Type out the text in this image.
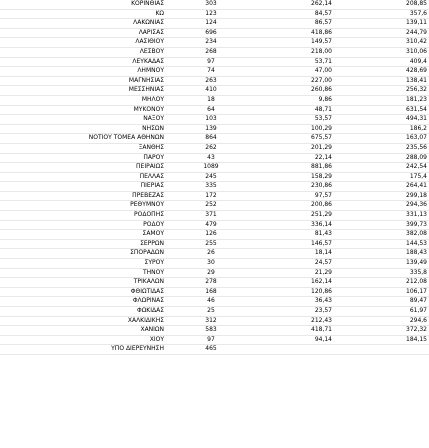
ΚΟΡΙΝΘΙΑΣ	303	262,14	208,85
ΚΩ	123	84,57	357,6
ΛΑΚΩΝΙΑΣ	124	86,57	139,11
ΛΑΡΙΣΑΣ	696	418,86	244,79
ΛΑΣΙΘΙΟΥ	234	149,57	310,42
ΛΕΣΒΟΥ	268	218,00	310,06
ΛΕΥΚΑΔΑΣ	97	53,71	409,4
ΛΗΜΝΟΥ	74	47,00	428,69
ΜΑΓΝΗΣΙΑΣ	263	227,00	138,41
ΜΕΣΣΗΝΙΑΣ	410	260,86	256,32
ΜΗΛΟΥ	18	9,86	181,23
ΜΥΚΟΝΟΥ	64	48,71	631,54
ΝΑΞΟΥ	103	53,57	494,31
ΝΗΣΩΝ	139	100,29	186,2
ΝΟΤΙΟΥ ΤΟΜΕΑ ΑΘΗΝΩΝ	864	675,57	163,07
ΞΑΝΘΗΣ	262	201,29	235,56
ΠΑΡΟΥ	43	22,14	288,09
ΠΕΙΡΑΙΩΣ	1089	881,86	242,54
ΠΕΛΛΑΣ	245	158,29	175,4
ΠΙΕΡΙΑΣ	335	230,86	264,41
ΠΡΕΒΕΖΑΣ	172	97,57	299,18
ΡΕΘΥΜΝΟΥ	252	200,86	294,36
ΡΟΔΟΠΗΣ	371	251,29	331,13
ΡΟΔΟΥ	479	336,14	399,73
ΣΑΜΟΥ	126	81,43	382,08
ΣΕΡΡΩΝ	255	146,57	144,53
ΣΠΟΡΑΔΩΝ	26	18,14	188,43
ΣΥΡΟΥ	30	24,57	139,49
ΤΗΝΟΥ	29	21,29	335,8
ΤΡΙΚΑΛΩΝ	278	162,14	212,08
ΦΘΙΩΤΙΔΑΣ	168	120,86	106,17
ΦΛΩΡΙΝΑΣ	46	36,43	89,47
ΦΩΚΙΔΑΣ	25	23,57	61,97
ΧΑΛΚΙΔΙΚΗΣ	312	212,43	294,6
ΧΑΝΙΩΝ	583	418,71	372,32
ΧΙΟΥ	97	94,14	184,15
ΥΠΟ ΔΙΕΡΕΥΝΗΣΗ	465		
